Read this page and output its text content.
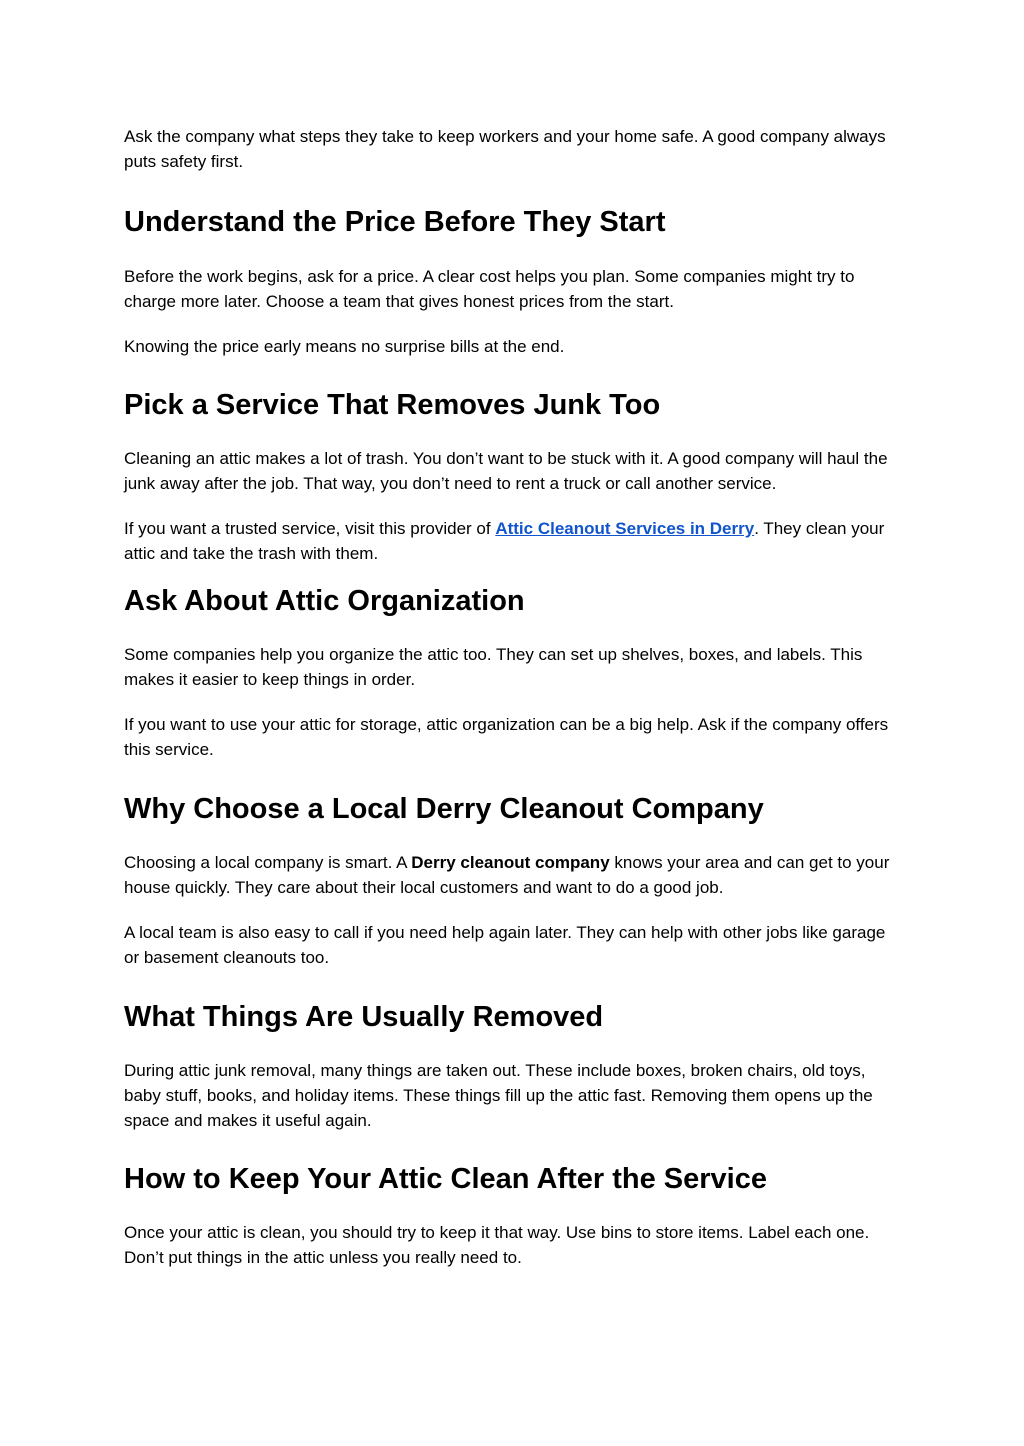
Ask the company what steps they take to keep workers and your home safe. A good company always puts safety first.

Understand the Price Before They Start

Before the work begins, ask for a price. A clear cost helps you plan. Some companies might try to charge more later. Choose a team that gives honest prices from the start.

Knowing the price early means no surprise bills at the end.

Pick a Service That Removes Junk Too

Cleaning an attic makes a lot of trash. You don’t want to be stuck with it. A good company will haul the junk away after the job. That way, you don’t need to rent a truck or call another service.

If you want a trusted service, visit this provider of Attic Cleanout Services in Derry. They clean your attic and take the trash with them.

Ask About Attic Organization

Some companies help you organize the attic too. They can set up shelves, boxes, and labels. This makes it easier to keep things in order.

If you want to use your attic for storage, attic organization can be a big help. Ask if the company offers this service.

Why Choose a Local Derry Cleanout Company

Choosing a local company is smart. A Derry cleanout company knows your area and can get to your house quickly. They care about their local customers and want to do a good job.

A local team is also easy to call if you need help again later. They can help with other jobs like garage or basement cleanouts too.

What Things Are Usually Removed

During attic junk removal, many things are taken out. These include boxes, broken chairs, old toys, baby stuff, books, and holiday items. These things fill up the attic fast. Removing them opens up the space and makes it useful again.

How to Keep Your Attic Clean After the Service

Once your attic is clean, you should try to keep it that way. Use bins to store items. Label each one. Don’t put things in the attic unless you really need to.
